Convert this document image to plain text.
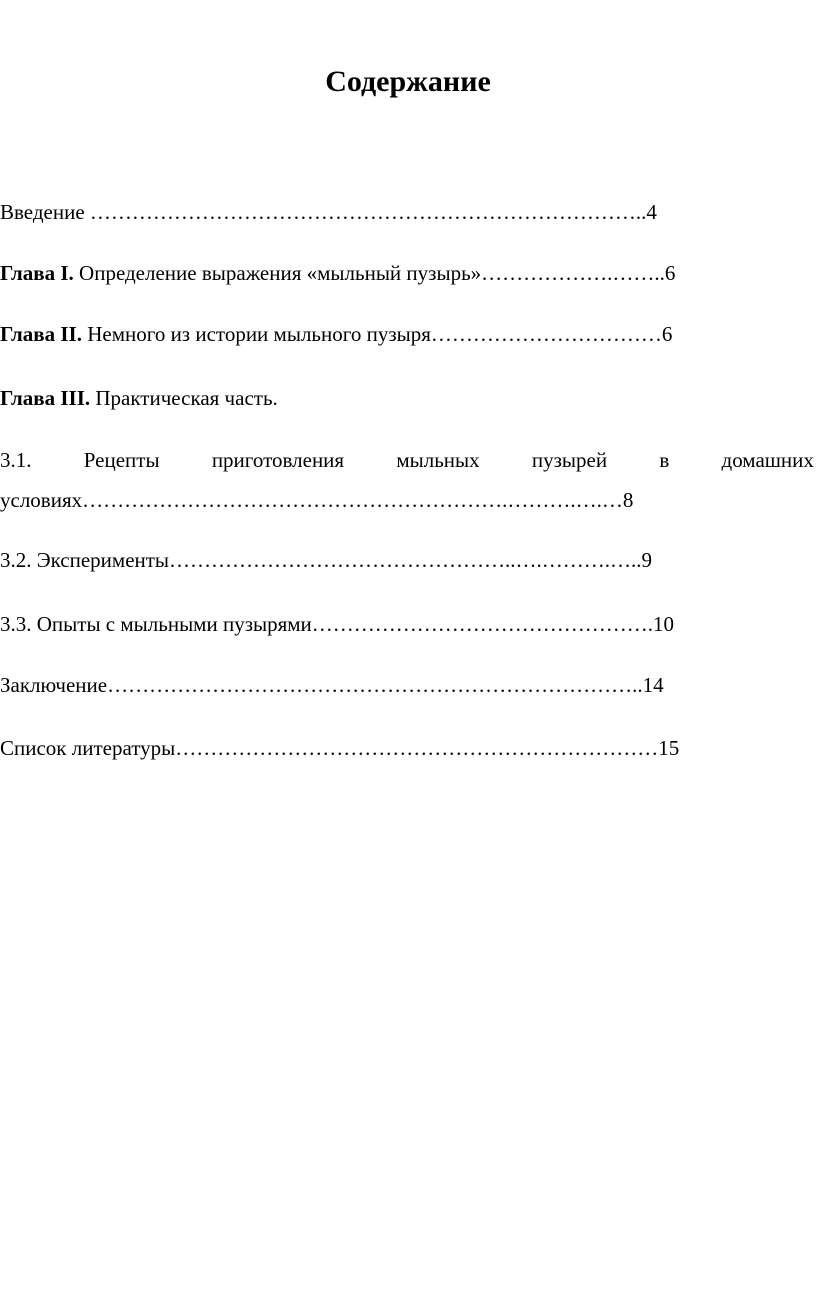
Содержание
Введение ……………………………………………………………………..4
Глава I. Определение выражения «мыльный пузырь»……………….……..6
Глава II. Немного из истории мыльного пузыря……………………………6
Глава III. Практическая часть.
3.1. Рецепты приготовления мыльных пузырей в домашних
условиях…………………………………………………….……….….…8
3.2. Эксперименты…………………………………………..….……….…..9
3.3. Опыты с мыльными пузырями………………………………………….10
Заключение…………………………………………………………………..14
Список литературы……………………………………………………………15
